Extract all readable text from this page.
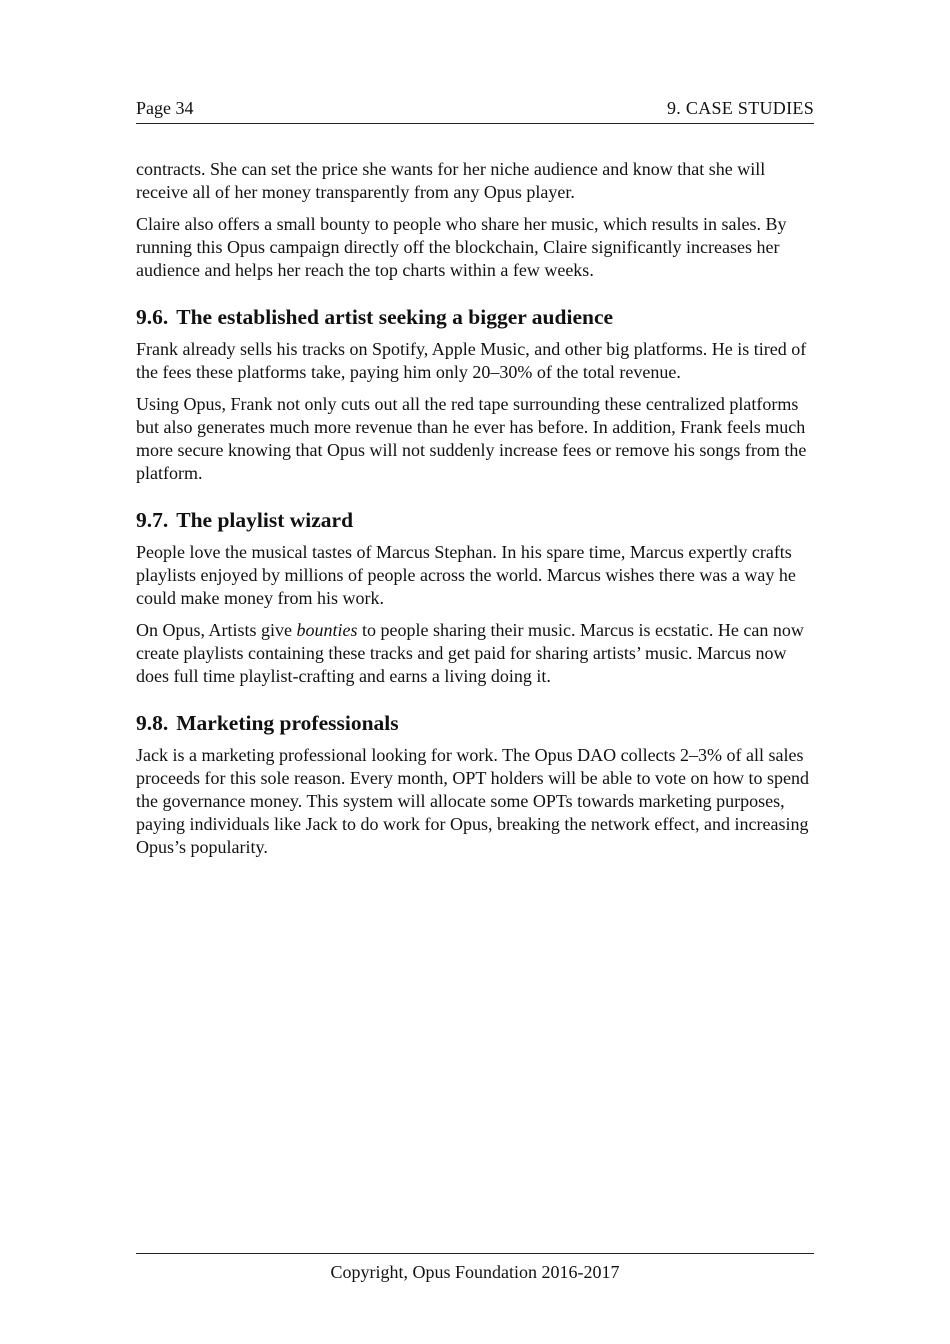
Page 34	9. CASE STUDIES

contracts. She can set the price she wants for her niche audience and know that she will receive all of her money transparently from any Opus player.

Claire also offers a small bounty to people who share her music, which results in sales. By running this Opus campaign directly off the blockchain, Claire significantly increases her audience and helps her reach the top charts within a few weeks.

9.6. The established artist seeking a bigger audience

Frank already sells his tracks on Spotify, Apple Music, and other big platforms. He is tired of the fees these platforms take, paying him only 20–30% of the total revenue.

Using Opus, Frank not only cuts out all the red tape surrounding these centralized platforms but also generates much more revenue than he ever has before. In addition, Frank feels much more secure knowing that Opus will not suddenly increase fees or remove his songs from the platform.

9.7. The playlist wizard

People love the musical tastes of Marcus Stephan. In his spare time, Marcus expertly crafts playlists enjoyed by millions of people across the world. Marcus wishes there was a way he could make money from his work.

On Opus, Artists give bounties to people sharing their music. Marcus is ecstatic. He can now create playlists containing these tracks and get paid for sharing artists’ music. Marcus now does full time playlist-crafting and earns a living doing it.

9.8. Marketing professionals

Jack is a marketing professional looking for work. The Opus DAO collects 2–3% of all sales proceeds for this sole reason. Every month, OPT holders will be able to vote on how to spend the governance money. This system will allocate some OPTs towards marketing purposes, paying individuals like Jack to do work for Opus, breaking the network effect, and increasing Opus’s popularity.

Copyright, Opus Foundation 2016-2017
